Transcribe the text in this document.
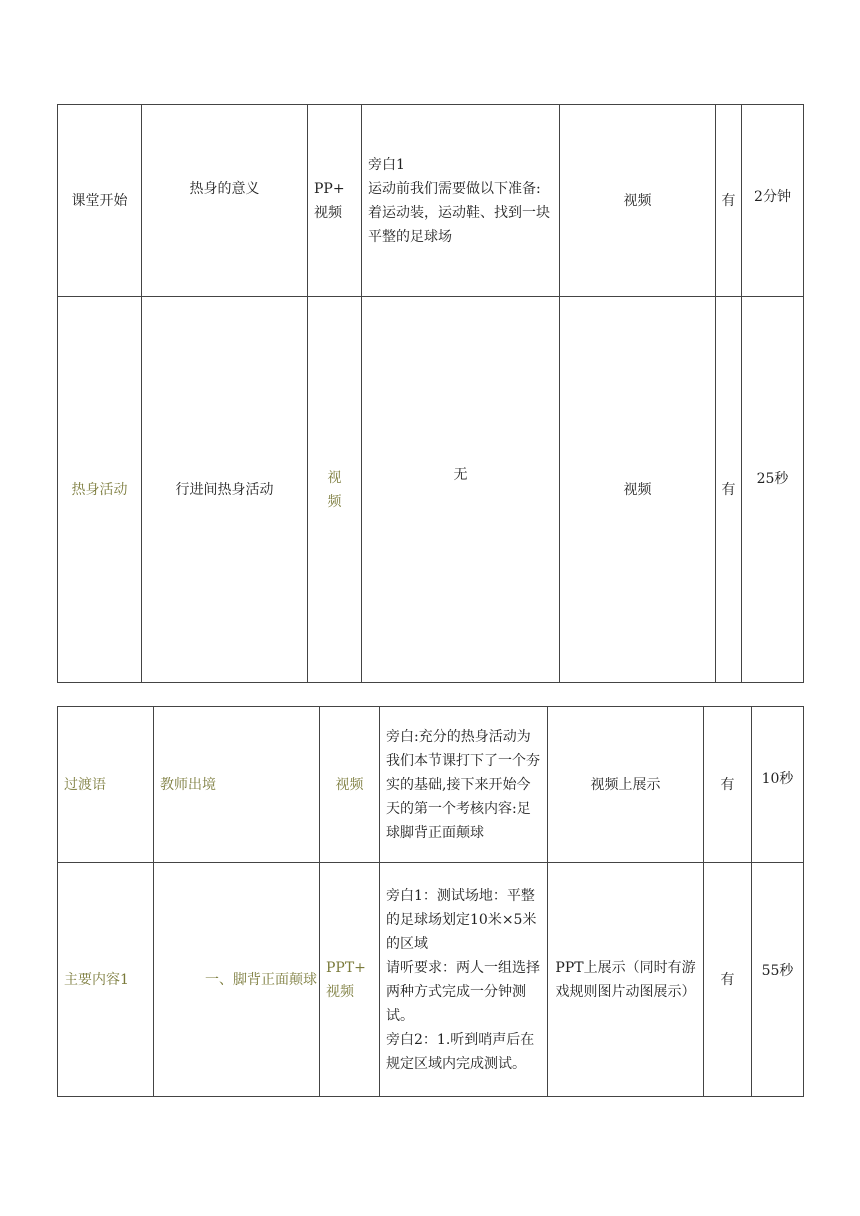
课堂开始	热身的意义	PP+
视频	旁白1
运动前我们需要做以下准备:
着运动装，运动鞋、找到一块平整的足球场	视频	有	2分钟
热身活动	行进间热身活动	视
频	无	视频	有	25秒
过渡语	教师出境	视频	旁白:充分的热身活动为我们本节课打下了一个夯实的基础,接下来开始今天的第一个考核内容:足球脚背正面颠球	视频上展示	有	10秒
主要内容1	一、脚背正面颠球	PPT+
视频	旁白1：测试场地：平整的足球场划定10米×5米的区域
请听要求：两人一组选择两种方式完成一分钟测试。
旁白2：1.听到哨声后在规定区域内完成测试。	PPT上展示（同时有游戏规则图片动图展示）	有	55秒
